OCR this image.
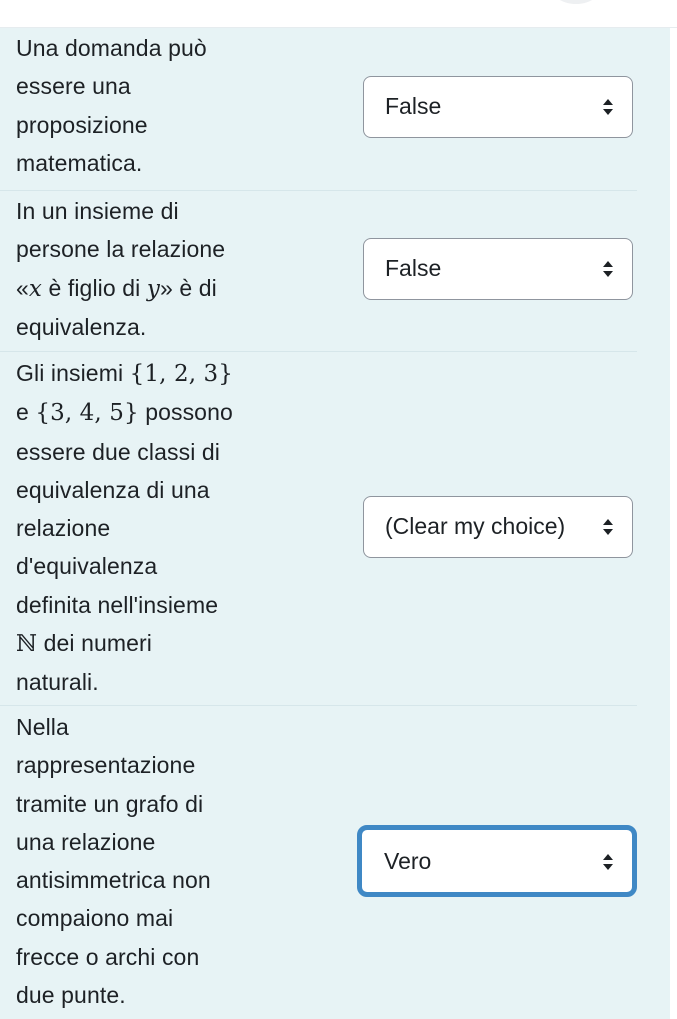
Una domanda può
essere una
proposizione
matematica.
False
In un insieme di
persone la relazione
«x è figlio di y» è di
equivalenza.
False
Gli insiemi {1, 2, 3}
e {3, 4, 5} possono
essere due classi di
equivalenza di una
relazione
d'equivalenza
definita nell'insieme
ℕ dei numeri
naturali.
(Clear my choice)
Nella
rappresentazione
tramite un grafo di
una relazione
antisimmetrica non
compaiono mai
frecce o archi con
due punte.
Vero
